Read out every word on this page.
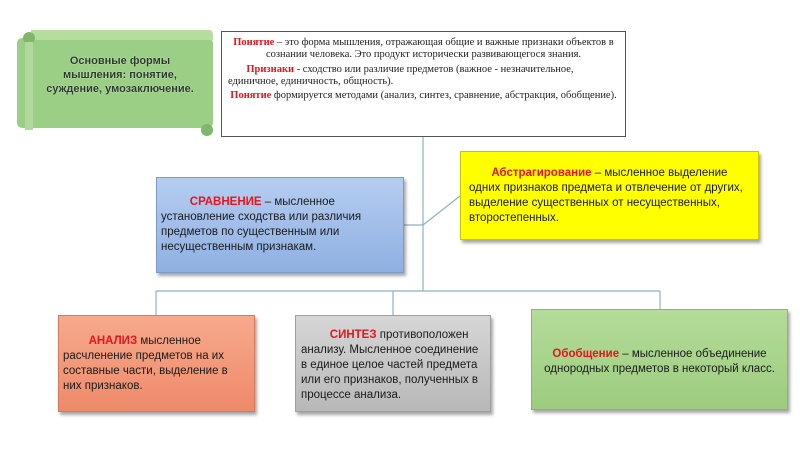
Основные формы мышления: понятие, суждение, умозаключение.

Понятие – это форма мышления, отражающая общие и важные признаки объектов в сознании человека. Это продукт исторически развивающегося знания.

Признаки - сходство или различие предметов (важное - незначительное, единичное, единичность, общность).

Понятие формируется методами (анализ, синтез, сравнение, абстракция, обобщение).

СРАВНЕНИЕ – мысленное установление сходства или различия предметов по существенным или несущественным признакам.
Абстрагирование – мысленное выделение одних признаков предмета и отвлечение от других, выделение существенных от несущественных, второстепенных.
АНАЛИЗ мысленное расчленение предметов на их составные части, выделение в них признаков.
СИНТЕЗ противоположен анализу. Мысленное соединение в единое целое частей предмета или его признаков, полученных в процессе анализа.
Обобщение – мысленное объединение однородных предметов в некоторый класс.
